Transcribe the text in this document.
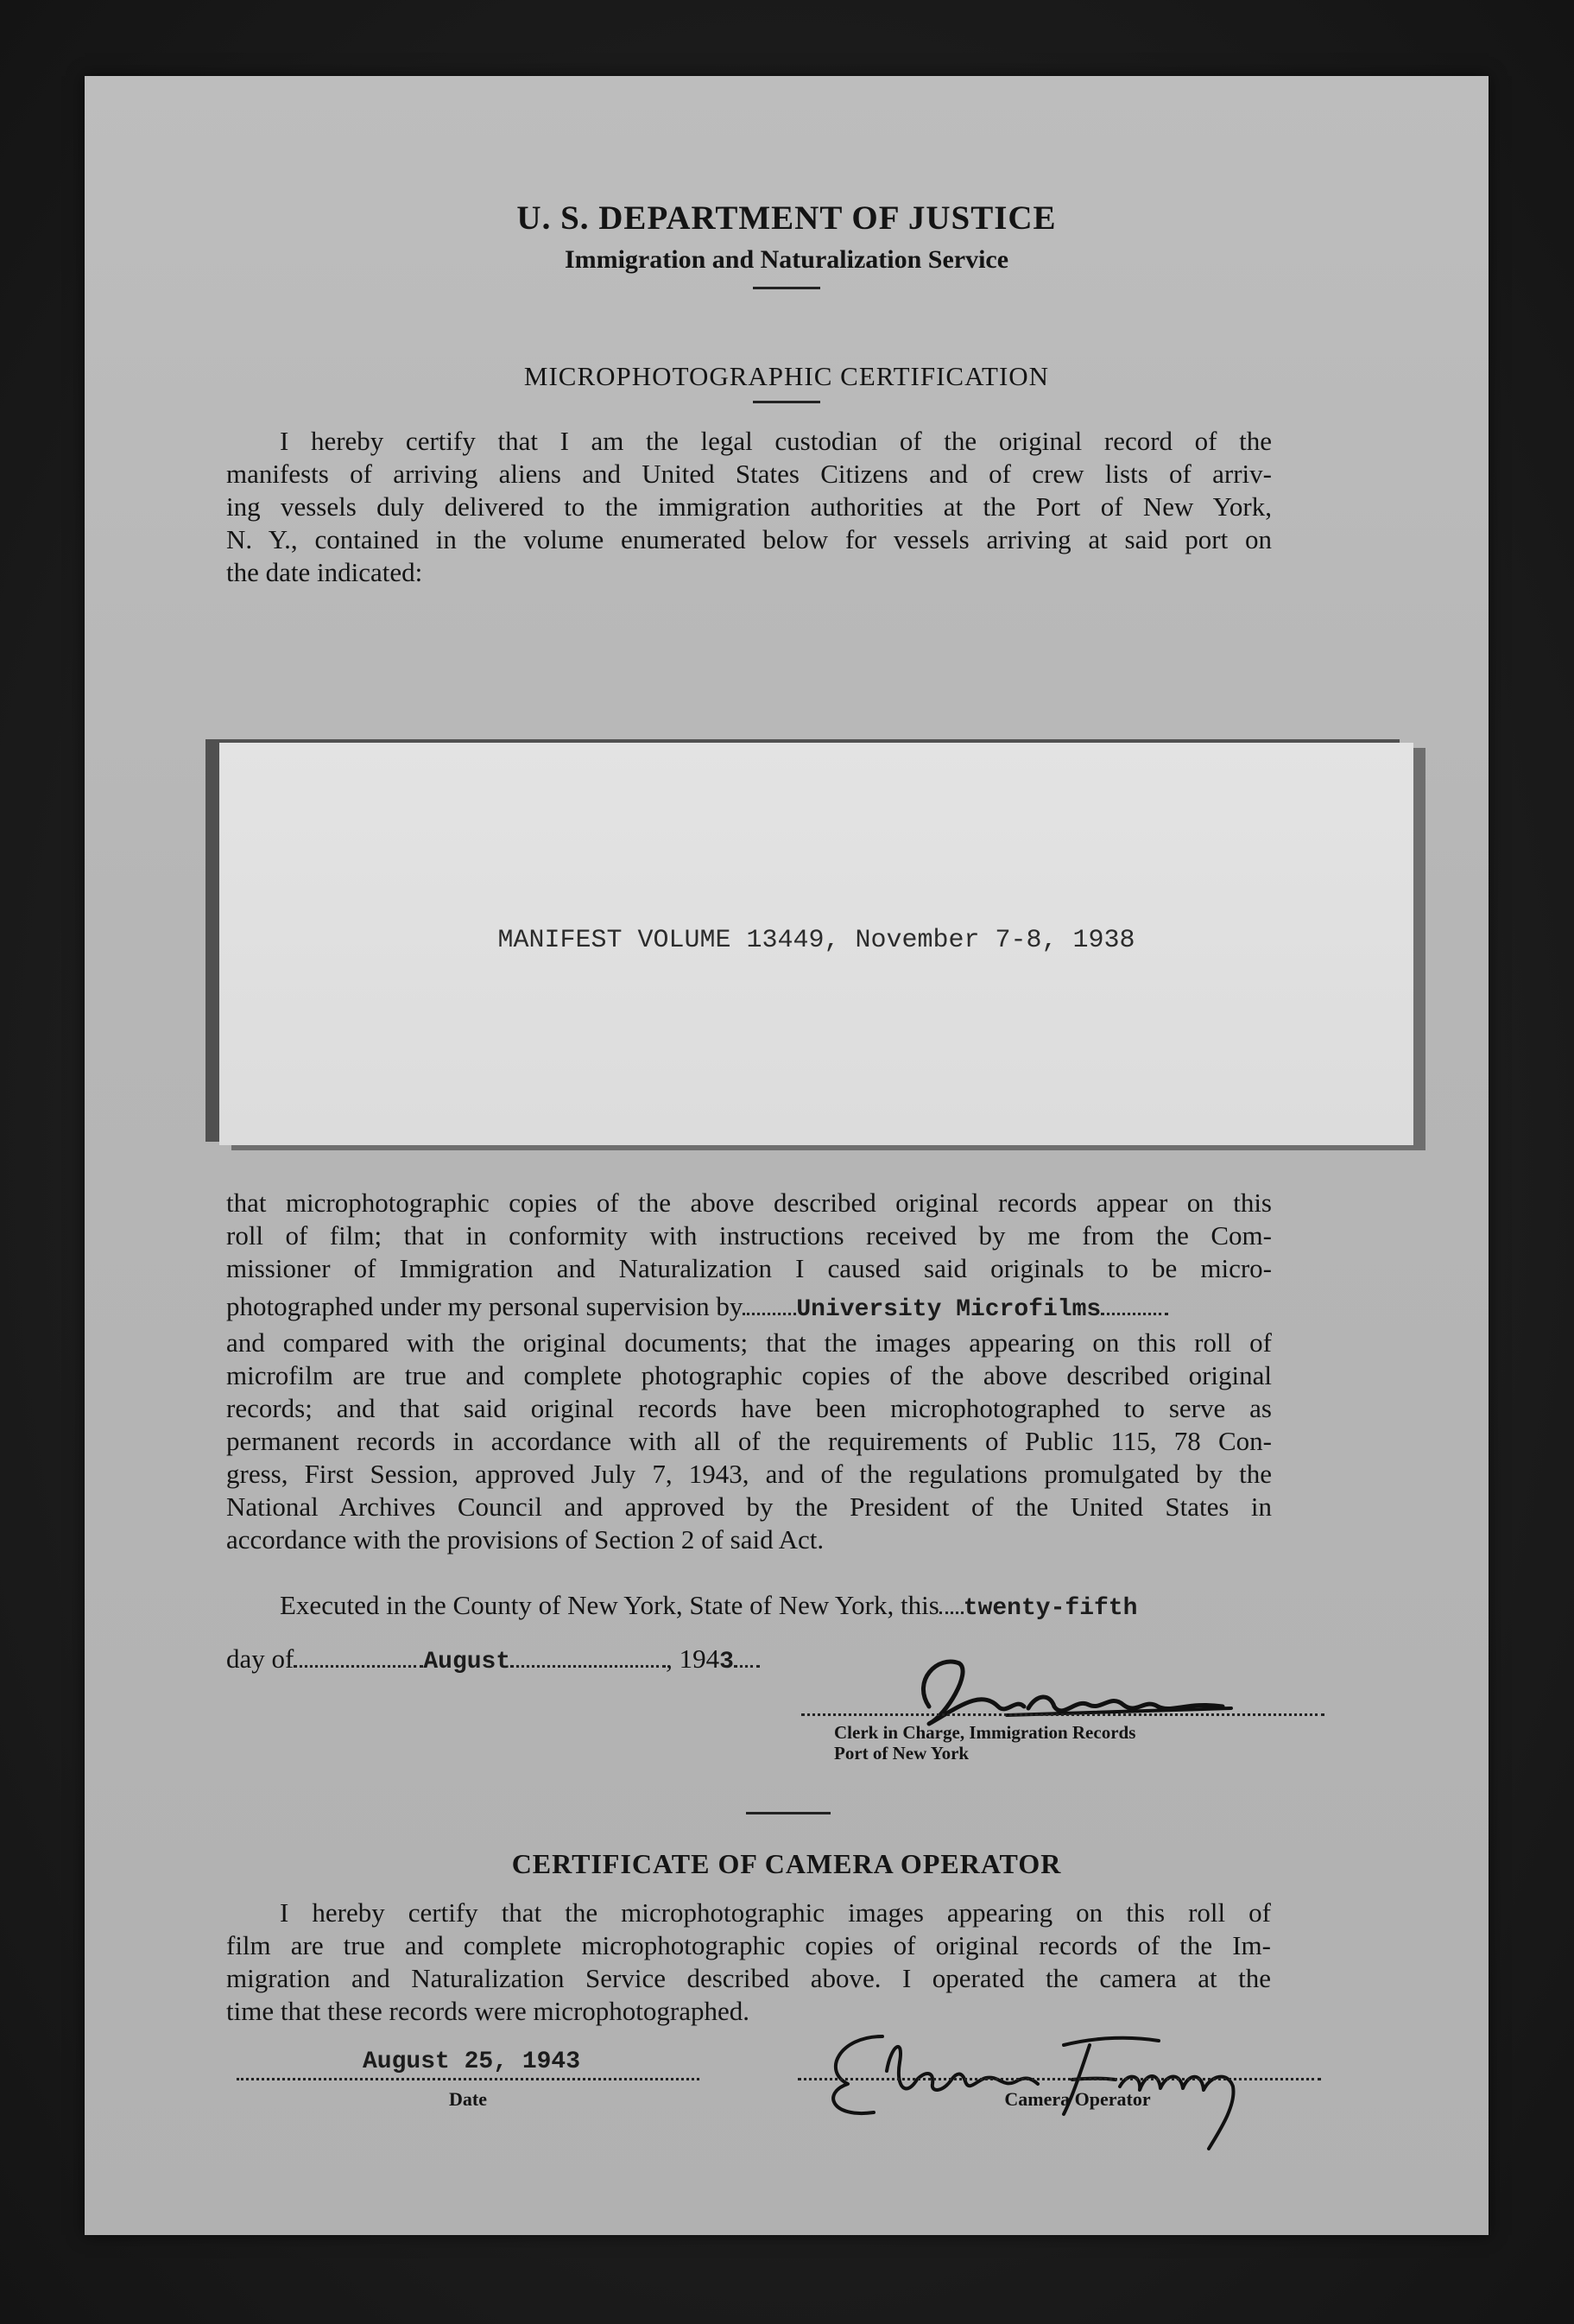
U. S. DEPARTMENT OF JUSTICE
Immigration and Naturalization Service
MICROPHOTOGRAPHIC CERTIFICATION
I hereby certify that I am the legal custodian of the original record of the
manifests of arriving aliens and United States Citizens and of crew lists of arriv-
ing vessels duly delivered to the immigration authorities at the Port of New York,
N. Y., contained in the volume enumerated below for vessels arriving at said port on
the date indicated:
MANIFEST VOLUME 13449, November 7-8, 1938
that microphotographic copies of the above described original records appear on this
roll of film; that in conformity with instructions received by me from the Com-
missioner of Immigration and Naturalization I caused said originals to be micro-
photographed under my personal supervision by University Microfilms
and compared with the original documents; that the images appearing on this roll of
microfilm are true and complete photographic copies of the above described original
records; and that said original records have been microphotographed to serve as
permanent records in accordance with all of the requirements of Public 115, 78 Con-
gress, First Session, approved July 7, 1943, and of the regulations promulgated by the
National Archives Council and approved by the President of the United States in
accordance with the provisions of Section 2 of said Act.
Executed in the County of New York, State of New York, this twenty-fifth
day of	August	, 1943
Clerk in Charge, Immigration Records
Port of New York
CERTIFICATE OF CAMERA OPERATOR
I hereby certify that the microphotographic images appearing on this roll of
film are true and complete microphotographic copies of original records of the Im-
migration and Naturalization Service described above. I operated the camera at the
time that these records were microphotographed.
August 25, 1943
Date	Camera Operator
